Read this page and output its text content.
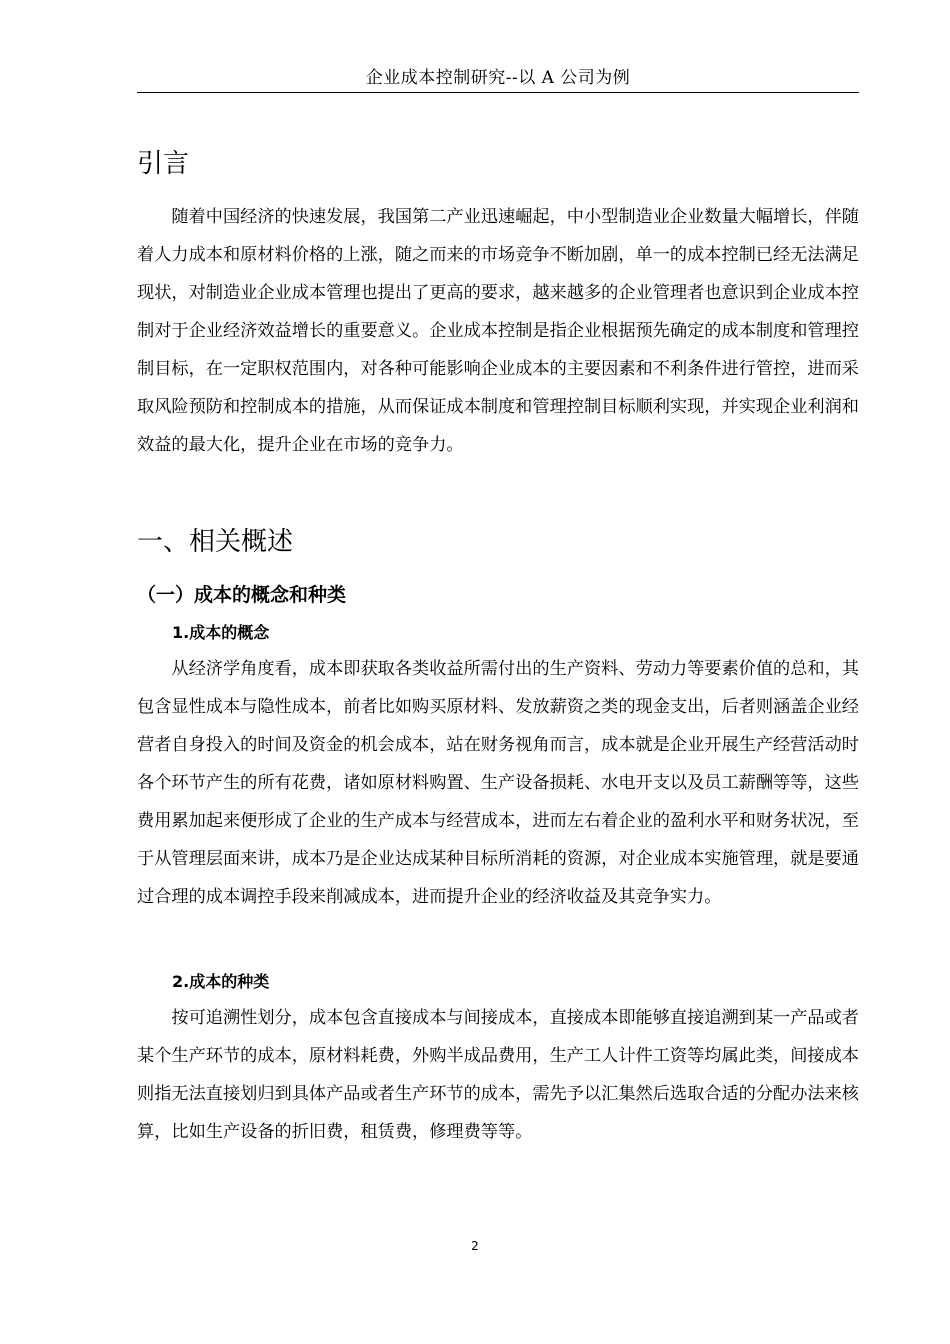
企业成本控制研究--以 A 公司为例
引言

随着中国经济的快速发展，我国第二产业迅速崛起，中小型制造业企业数量大幅增长，伴随着人力成本和原材料价格的上涨，随之而来的市场竞争不断加剧，单一的成本控制已经无法满足现状，对制造业企业成本管理也提出了更高的要求，越来越多的企业管理者也意识到企业成本控制对于企业经济效益增长的重要意义。企业成本控制是指企业根据预先确定的成本制度和管理控制目标，在一定职权范围内，对各种可能影响企业成本的主要因素和不利条件进行管控，进而采取风险预防和控制成本的措施，从而保证成本制度和管理控制目标顺利实现，并实现企业利润和效益的最大化，提升企业在市场的竞争力。

一、相关概述
（一）成本的概念和种类
1.成本的概念

从经济学角度看，成本即获取各类收益所需付出的生产资料、劳动力等要素价值的总和，其包含显性成本与隐性成本，前者比如购买原材料、发放薪资之类的现金支出，后者则涵盖企业经营者自身投入的时间及资金的机会成本，站在财务视角而言，成本就是企业开展生产经营活动时各个环节产生的所有花费，诸如原材料购置、生产设备损耗、水电开支以及员工薪酬等等，这些费用累加起来便形成了企业的生产成本与经营成本，进而左右着企业的盈利水平和财务状况，至于从管理层面来讲，成本乃是企业达成某种目标所消耗的资源，对企业成本实施管理，就是要通过合理的成本调控手段来削减成本，进而提升企业的经济收益及其竞争实力。

2.成本的种类

按可追溯性划分，成本包含直接成本与间接成本，直接成本即能够直接追溯到某一产品或者某个生产环节的成本，原材料耗费，外购半成品费用，生产工人计件工资等均属此类，间接成本则指无法直接划归到具体产品或者生产环节的成本，需先予以汇集然后选取合适的分配办法来核算，比如生产设备的折旧费，租赁费，修理费等等。

2
